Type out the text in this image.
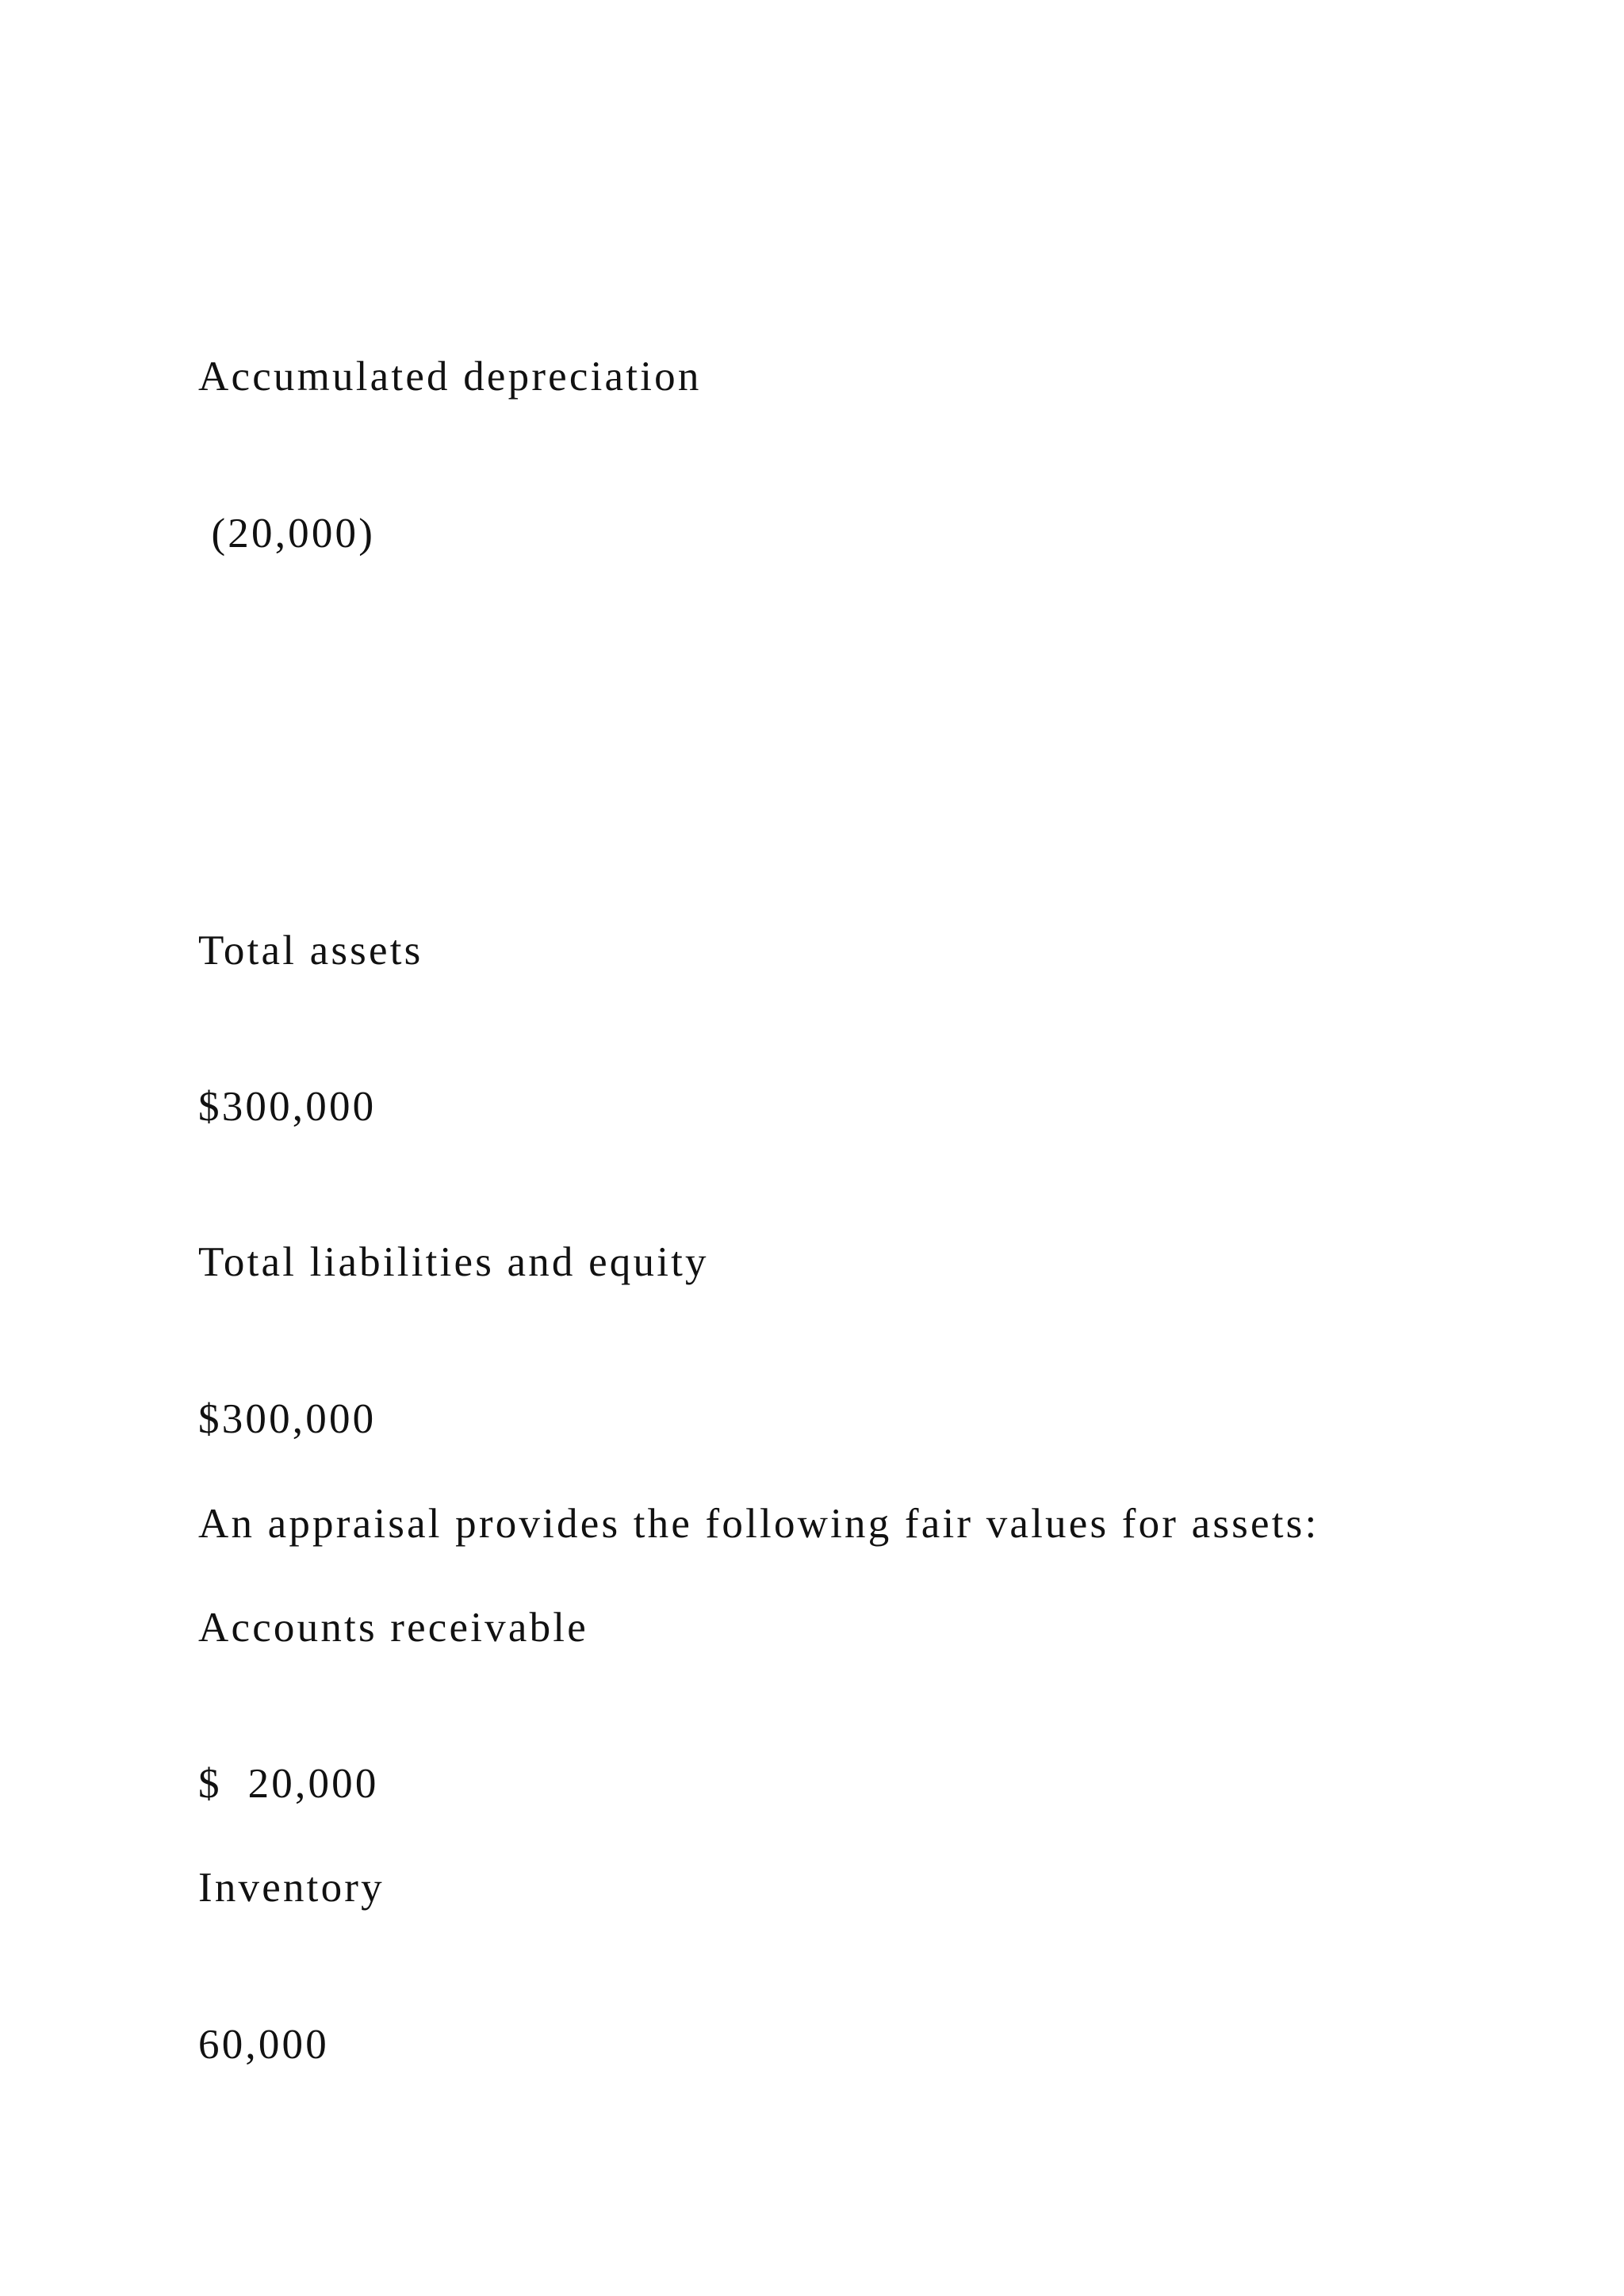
Accumulated depreciation
(20,000)
Total assets
$300,000
Total liabilities and equity
$300,000
An appraisal provides the following fair values for assets:
Accounts receivable
$  20,000
Inventory
60,000
